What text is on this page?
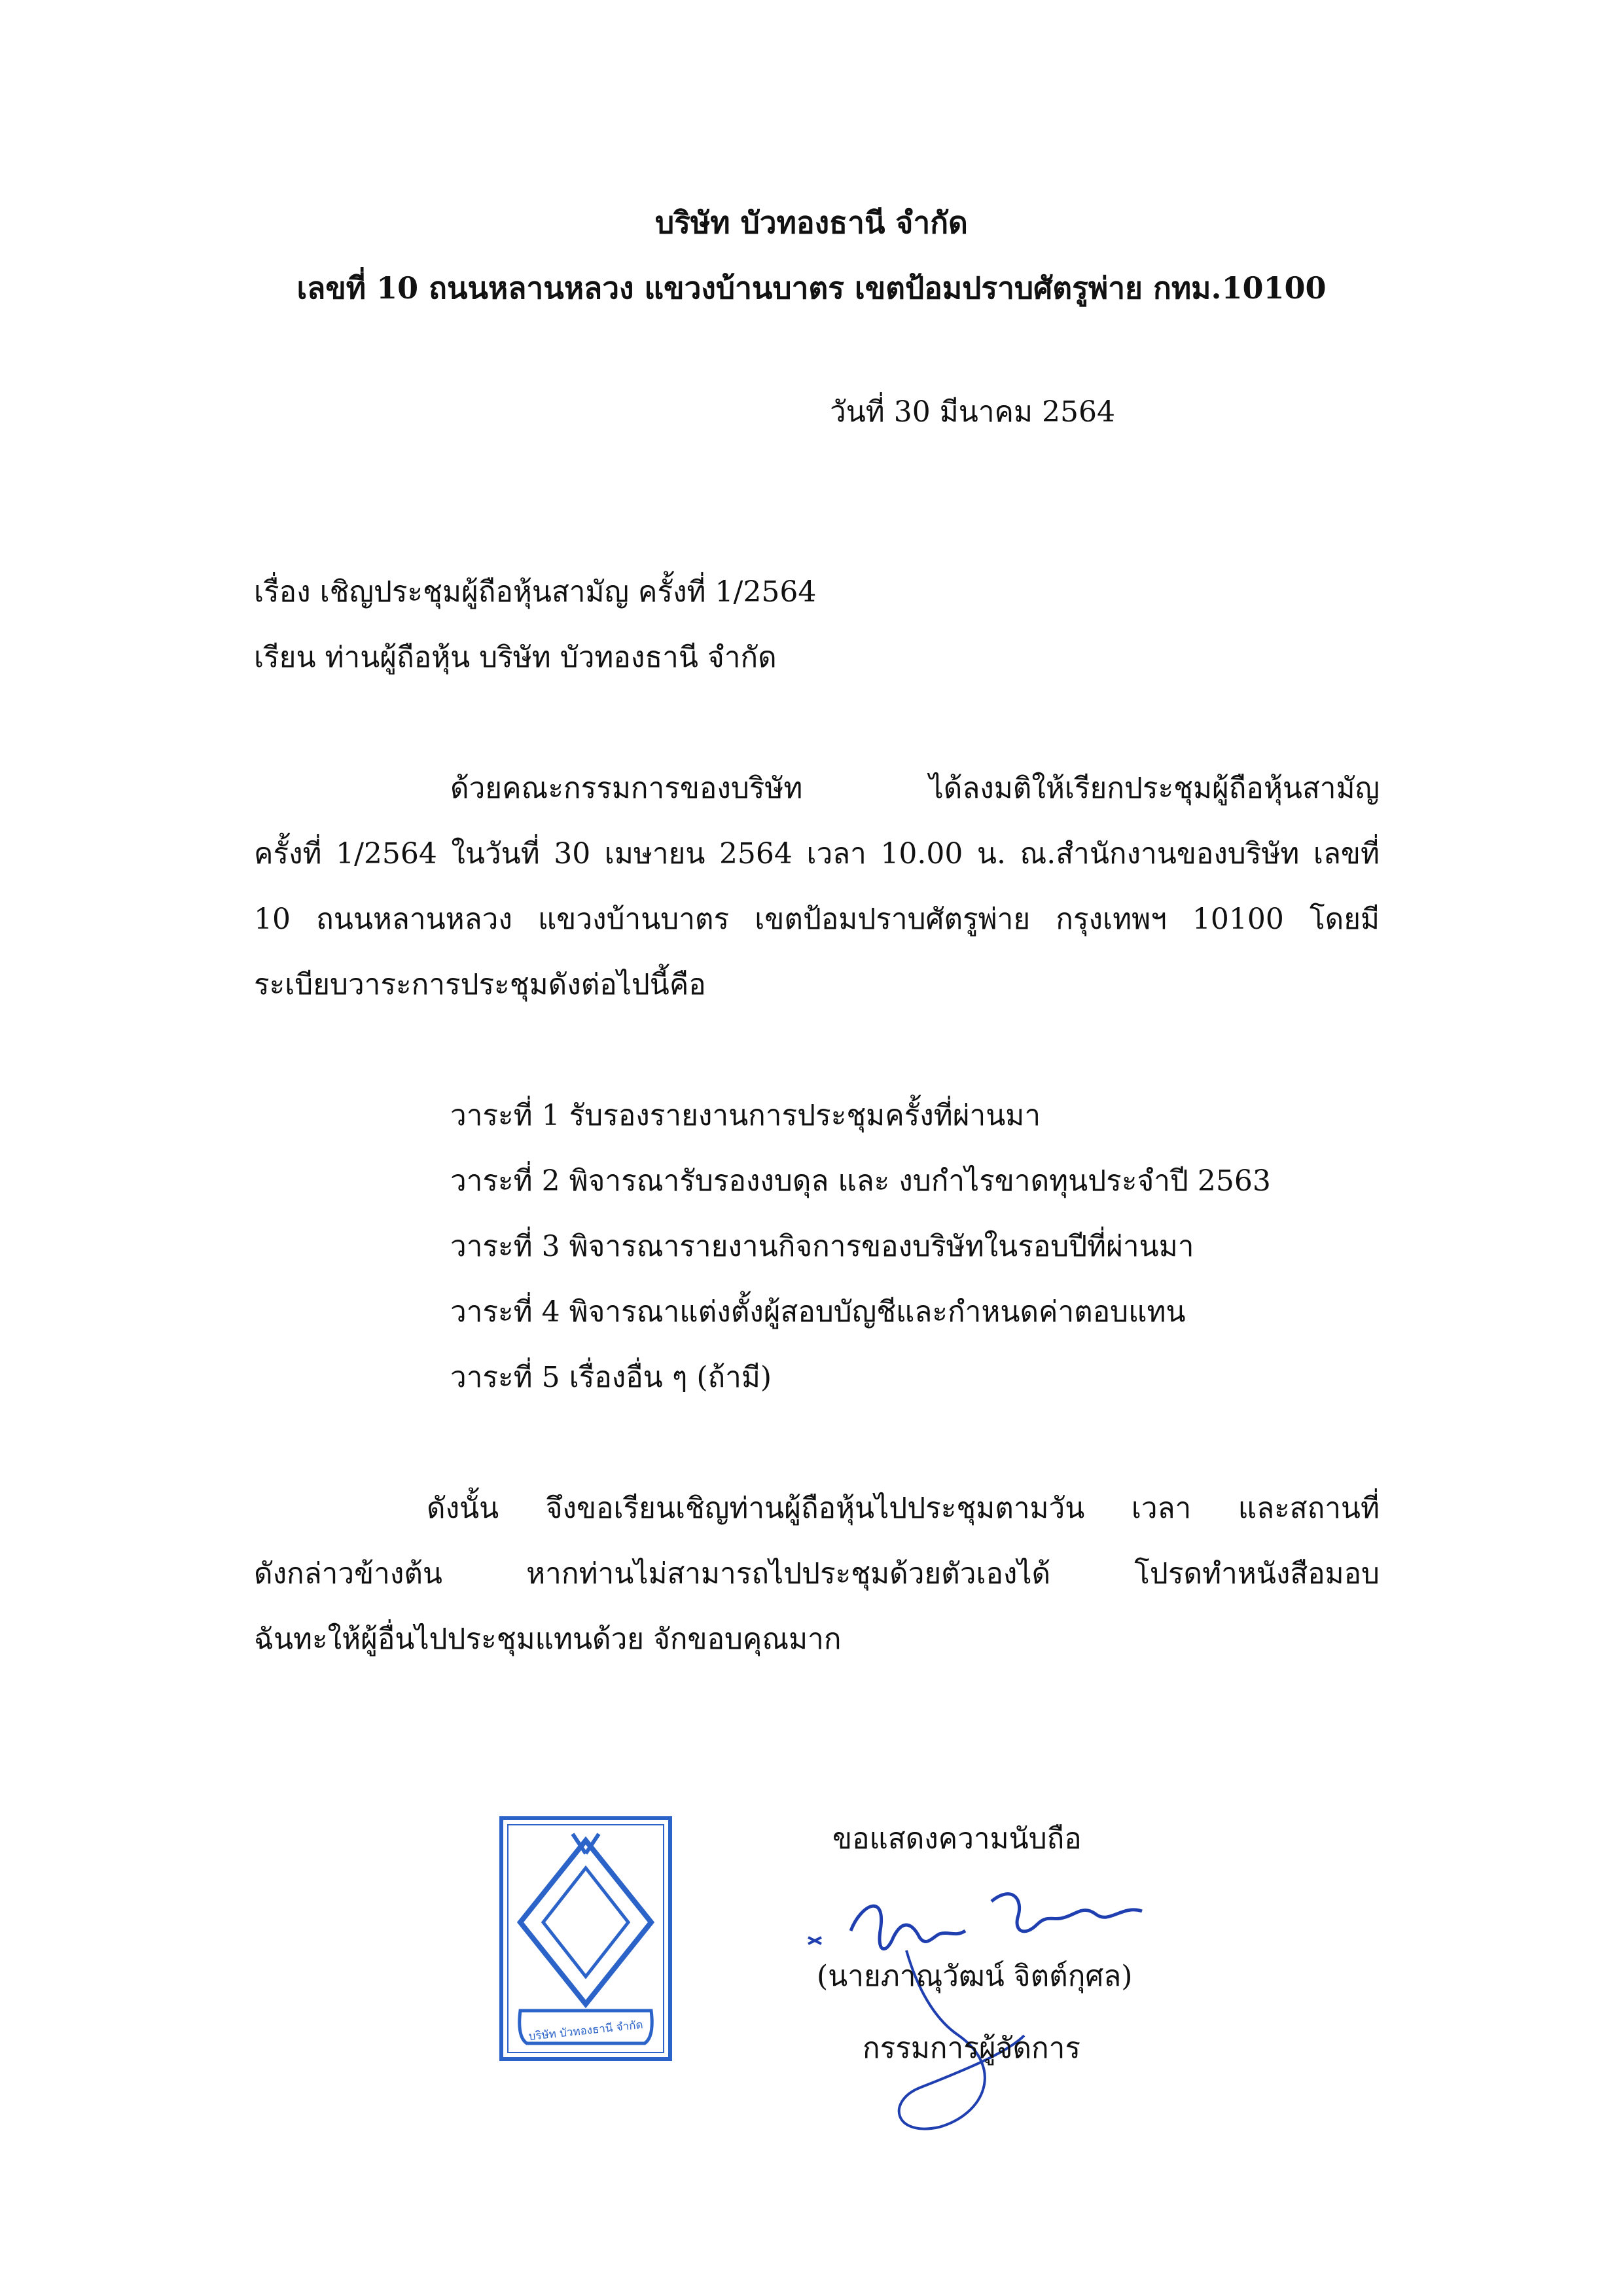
บริษัท บัวทองธานี จำกัด
เลขที่ 10 ถนนหลานหลวง แขวงบ้านบาตร เขตป้อมปราบศัตรูพ่าย กทม.10100
วันที่ 30 มีนาคม 2564
เรื่อง เชิญประชุมผู้ถือหุ้นสามัญ ครั้งที่ 1/2564
เรียน ท่านผู้ถือหุ้น บริษัท บัวทองธานี จำกัด
ด้วยคณะกรรมการของบริษัท ได้ลงมติให้เรียกประชุมผู้ถือหุ้นสามัญ
ครั้งที่ 1/2564 ในวันที่ 30 เมษายน 2564 เวลา 10.00 น. ณ.สำนักงานของบริษัท เลขที่
10 ถนนหลานหลวง แขวงบ้านบาตร เขตป้อมปราบศัตรูพ่าย กรุงเทพฯ 10100 โดยมี
ระเบียบวาระการประชุมดังต่อไปนี้คือ
วาระที่ 1 รับรองรายงานการประชุมครั้งที่ผ่านมา
วาระที่ 2 พิจารณารับรองงบดุล และ งบกำไรขาดทุนประจำปี 2563
วาระที่ 3 พิจารณารายงานกิจการของบริษัทในรอบปีที่ผ่านมา
วาระที่ 4 พิจารณาแต่งตั้งผู้สอบบัญชีและกำหนดค่าตอบแทน
วาระที่ 5 เรื่องอื่น ๆ (ถ้ามี)
ดังนั้น จึงขอเรียนเชิญท่านผู้ถือหุ้นไปประชุมตามวัน เวลา และสถานที่
ดังกล่าวข้างต้น หากท่านไม่สามารถไปประชุมด้วยตัวเองได้ โปรดทำหนังสือมอบ
ฉันทะให้ผู้อื่นไปประชุมแทนด้วย จักขอบคุณมาก
บริษัท บัวทองธานี จำกัด
ขอแสดงความนับถือ
(นายภาณุวัฒน์ จิตต์กุศล)
กรรมการผู้จัดการ
